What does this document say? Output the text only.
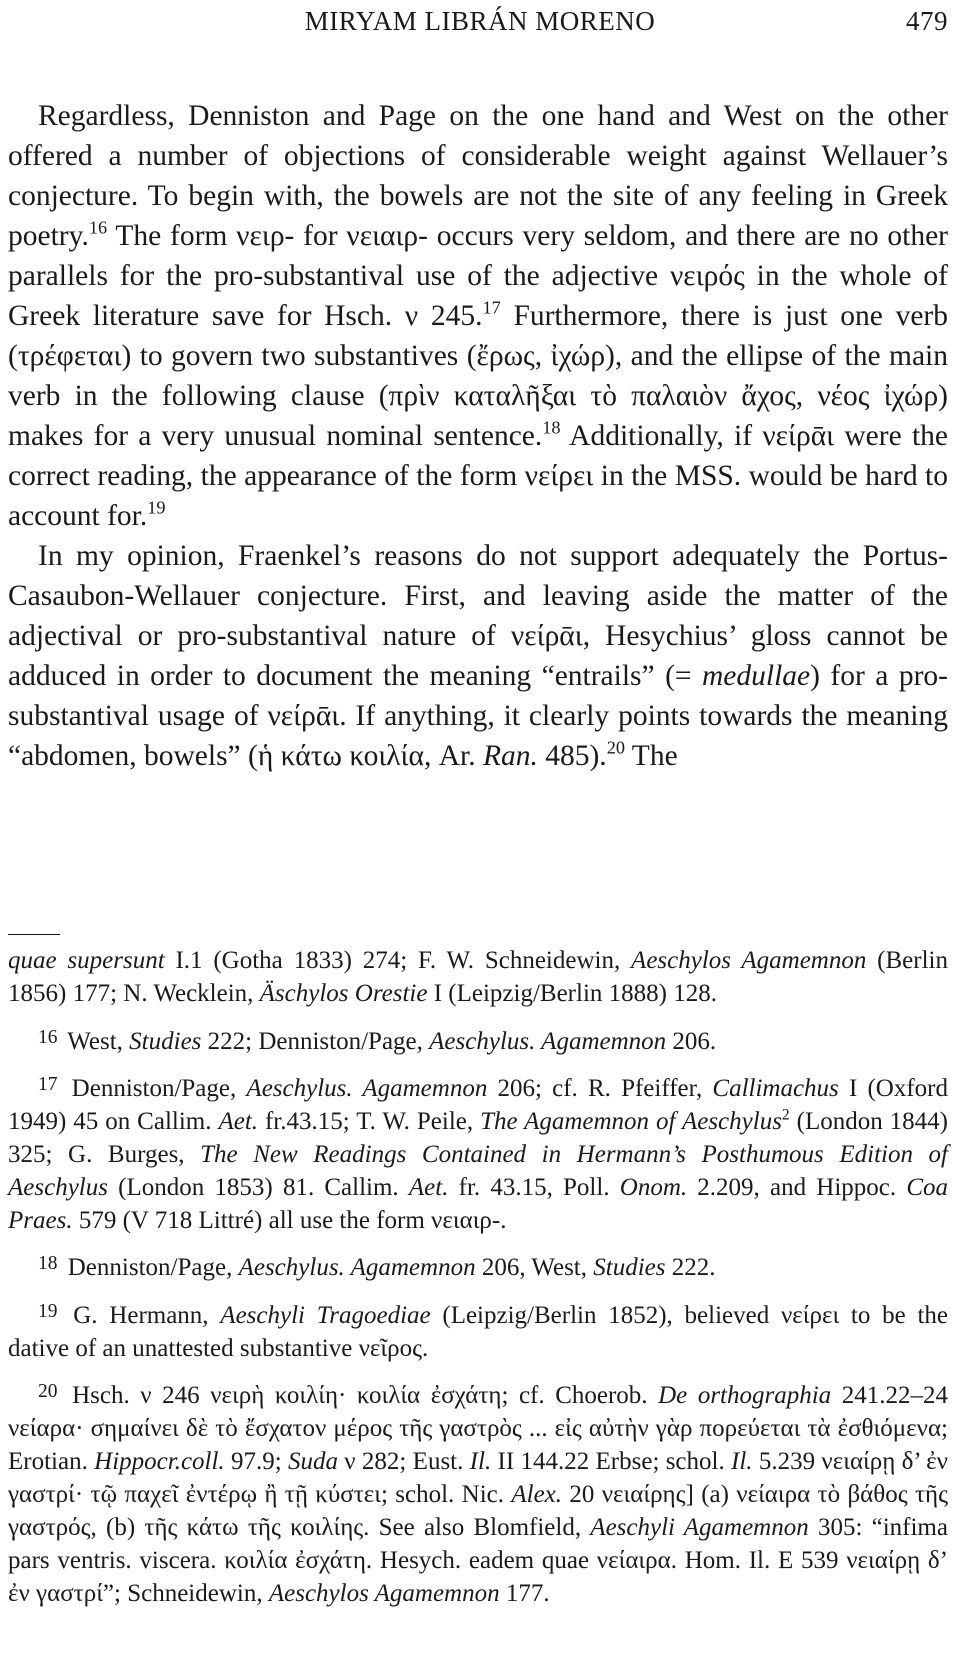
MIRYAM LIBRÁN MORENO	479

Regardless, Denniston and Page on the one hand and West on the other offered a number of objections of considerable weight against Wellauer’s conjecture. To begin with, the bowels are not the site of any feeling in Greek poetry.$^{16}$ The form νειρ- for νειαιρ- occurs very seldom, and there are no other parallels for the pro-substantival use of the adjective νειρός in the whole of Greek literature save for Hsch. ν 245.17 Furthermore, there is just one verb (τρέφεται) to govern two substantives (ἔρως, ἰχώρ), and the ellipse of the main verb in the following clause (πρὶν καταλῆξαι τὸ παλαιὸν ἄχος, νέος ἰχώρ) makes for a very unusual nominal sentence.$^{18}$ Additionally, if νείρᾱι were the correct reading, the appearance of the form νείρει in the MSS. would be hard to account for.$^{19}$

In my opinion, Fraenkel’s reasons do not support adequately the Portus-Casaubon-Wellauer conjecture. First, and leaving aside the matter of the adjectival or pro-substantival nature of νείρᾱι, Hesychius’ gloss cannot be adduced in order to document the meaning “entrails” (= medullae) for a pro-substantival usage of νείρᾱι. If anything, it clearly points towards the meaning “abdomen, bowels” (ἡ κάτω κοιλία, Ar. Ran. 485).$^{20}$ The

quae supersunt I.1 (Gotha 1833) 274; F. W. Schneidewin, Aeschylos Agamemnon (Berlin 1856) 177; N. Wecklein, Äschylos Orestie I (Leipzig/Berlin 1888) 128.

$^{16}$ West, Studies 222; Denniston/Page, Aeschylus. Agamemnon 206.

$^{17}$ Denniston/Page, Aeschylus. Agamemnon 206; cf. R. Pfeiffer, Callimachus I (Oxford 1949) 45 on Callim. Aet. fr.43.15; T. W. Peile, The Agamemnon of Aeschylus$^2$ (London 1844) 325; G. Burges, The New Readings Contained in Hermann’s Posthumous Edition of Aeschylus (London 1853) 81. Callim. Aet. fr. 43.15, Poll. Onom. 2.209, and Hippoc. Coa Praes. 579 (V 718 Littré) all use the form νειαιρ-.

$^{18}$ Denniston/Page, Aeschylus. Agamemnon 206, West, Studies 222.

$^{19}$ G. Hermann, Aeschyli Tragoediae (Leipzig/Berlin 1852), believed νείρει to be the dative of an unattested substantive νεῖρος.

$^{20}$ Hsch. ν 246 νειρὴ κοιλίη· κοιλία ἐσχάτη; cf. Choerob. De orthographia 241.22–24 νείαρα· σημαίνει δὲ τὸ ἔσχατον μέρος τῆς γαστρὸς ... εἰς αὐτὴν γὰρ πορεύεται τὰ ἐσθιόμενα; Erotian. Hippocr.coll. 97.9; Suda ν 282; Eust. Il. II 144.22 Erbse; schol. Il. 5.239 νειαίρῃ δ’ ἐν γαστρί· τῷ παχεῖ ἐντέρῳ ἢ τῇ κύστει; schol. Nic. Alex. 20 νειαίρης] (a) νείαιρα τὸ βάθος τῆς γαστρός, (b) τῆς κάτω τῆς κοιλίης. See also Blomfield, Aeschyli Agamemnon 305: “infima pars ventris. viscera. κοιλία ἐσχάτη. Hesych. eadem quae νείαιρα. Hom. Il. Ε 539 νειαίρῃ δ’ ἐν γαστρί”; Schneidewin, Aeschylos Agamemnon 177.
